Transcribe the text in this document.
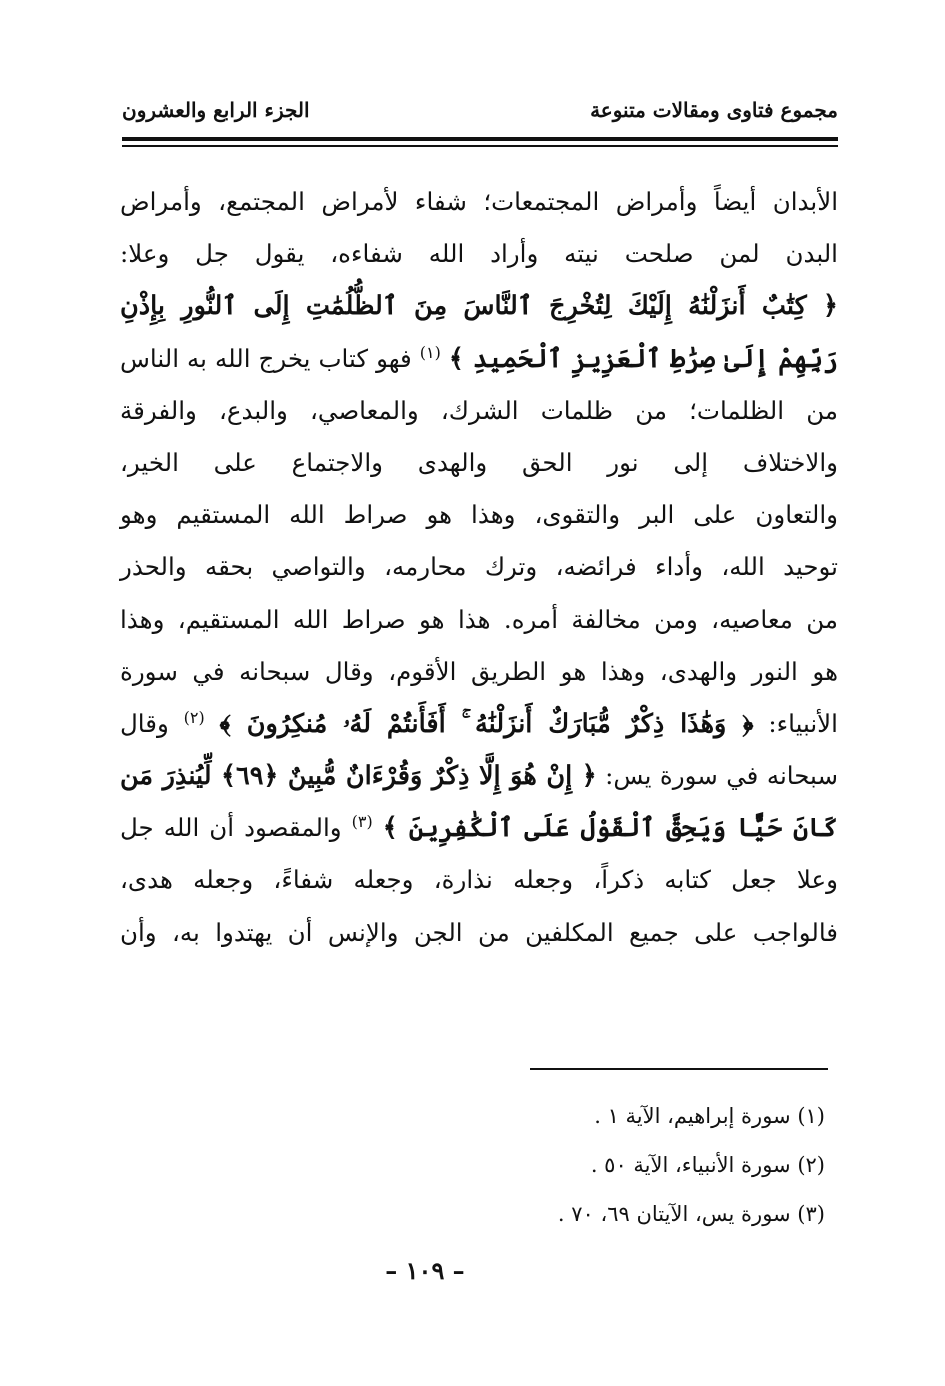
مجموع فتاوى ومقالات متنوعة
الجزء الرابع والعشرون
الأبدان أيضاً وأمراض المجتمعات؛ شفاء لأمراض المجتمع، وأمراض
البدن لمن صلحت نيته وأراد الله شفاءه، يقول جل وعلا:
﴿ كِتَٰبٌ أَنزَلْنَٰهُ إِلَيْكَ لِتُخْرِجَ ٱلنَّاسَ مِنَ ٱلظُّلُمَٰتِ إِلَى ٱلنُّورِ بِإِذْنِ
رَبِّهِمْ إِلَىٰ صِرَٰطِ ٱلْعَزِيزِ ٱلْحَمِيدِ ﴾ $^{(١)}$ فهو كتاب يخرج الله به الناس
من الظلمات؛ من ظلمات الشرك، والمعاصي، والبدع، والفرقة
والاختلاف إلى نور الحق والهدى والاجتماع على الخير،
والتعاون على البر والتقوى، وهذا هو صراط الله المستقيم وهو
توحيد الله، وأداء فرائضه، وترك محارمه، والتواصي بحقه والحذر
من معاصيه، ومن مخالفة أمره. هذا هو صراط الله المستقيم، وهذا
هو النور والهدى، وهذا هو الطريق الأقوم، وقال سبحانه في سورة
الأنبياء: ﴿ وَهَٰذَا ذِكْرٌ مُّبَارَكٌ أَنزَلْنَٰهُ ۚ أَفَأَنتُمْ لَهُۥ مُنكِرُونَ ﴾ $^{(٢)}$ وقال
سبحانه في سورة يس: ﴿ إِنْ هُوَ إِلَّا ذِكْرٌ وَقُرْءَانٌ مُّبِينٌ ﴿٦٩﴾ لِّيُنذِرَ مَن
كَانَ حَيًّا وَيَحِقَّ ٱلْقَوْلُ عَلَى ٱلْكَٰفِرِينَ ﴾ $^{(٣)}$ والمقصود أن الله جل
وعلا جعل كتابه ذكراً، وجعله نذارة، وجعله شفاءً، وجعله هدى،
فالواجب على جميع المكلفين من الجن والإنس أن يهتدوا به، وأن
(١) سورة إبراهيم، الآية ١ .
(٢) سورة الأنبياء، الآية ٥٠ .
(٣) سورة يس، الآيتان ٦٩، ٧٠ .
– ١٠٩ –
